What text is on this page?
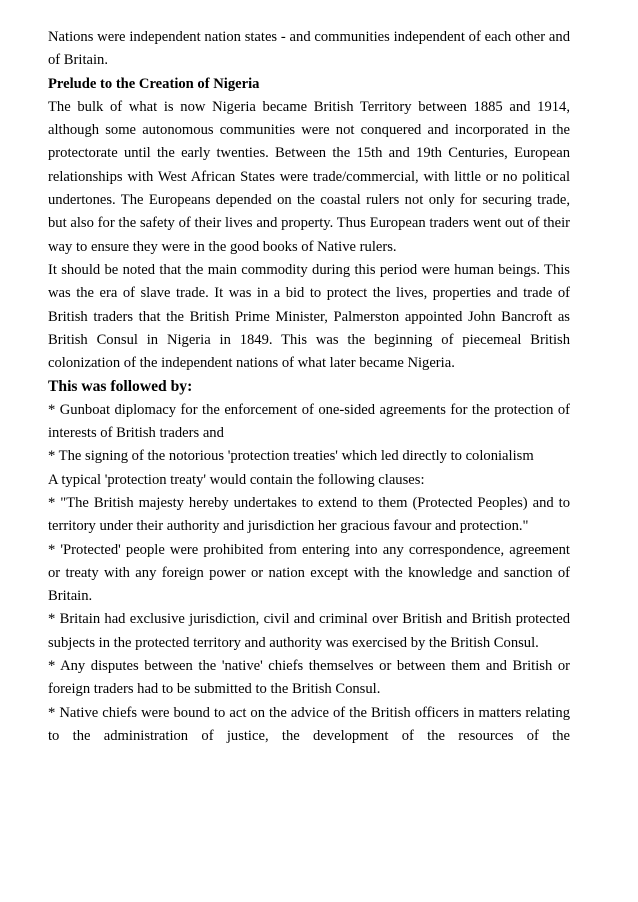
Nations were independent nation states - and communities independent of each other and of Britain.

Prelude to the Creation of Nigeria

The bulk of what is now Nigeria became British Territory between 1885 and 1914, although some autonomous communities were not conquered and incorporated in the protectorate until the early twenties. Between the 15th and 19th Centuries, European relationships with West African States were trade/commercial, with little or no political undertones. The Europeans depended on the coastal rulers not only for securing trade, but also for the safety of their lives and property. Thus European traders went out of their way to ensure they were in the good books of Native rulers.

It should be noted that the main commodity during this period were human beings. This was the era of slave trade. It was in a bid to protect the lives, properties and trade of British traders that the British Prime Minister, Palmerston appointed John Bancroft as British Consul in Nigeria in 1849. This was the beginning of piecemeal British colonization of the independent nations of what later became Nigeria.

This was followed by:

* Gunboat diplomacy for the enforcement of one-sided agreements for the protection of interests of British traders and

* The signing of the notorious 'protection treaties' which led directly to colonialism

A typical 'protection treaty' would contain the following clauses:

* "The British majesty hereby undertakes to extend to them (Protected Peoples) and to territory under their authority and jurisdiction her gracious favour and protection."

* 'Protected' people were prohibited from entering into any correspondence, agreement or treaty with any foreign power or nation except with the knowledge and sanction of Britain.

* Britain had exclusive jurisdiction, civil and criminal over British and British protected subjects in the protected territory and authority was exercised by the British Consul.

* Any disputes between the 'native' chiefs themselves or between them and British or foreign traders had to be submitted to the British Consul.

* Native chiefs were bound to act on the advice of the British officers in matters relating to the administration of justice, the development of the resources of the
